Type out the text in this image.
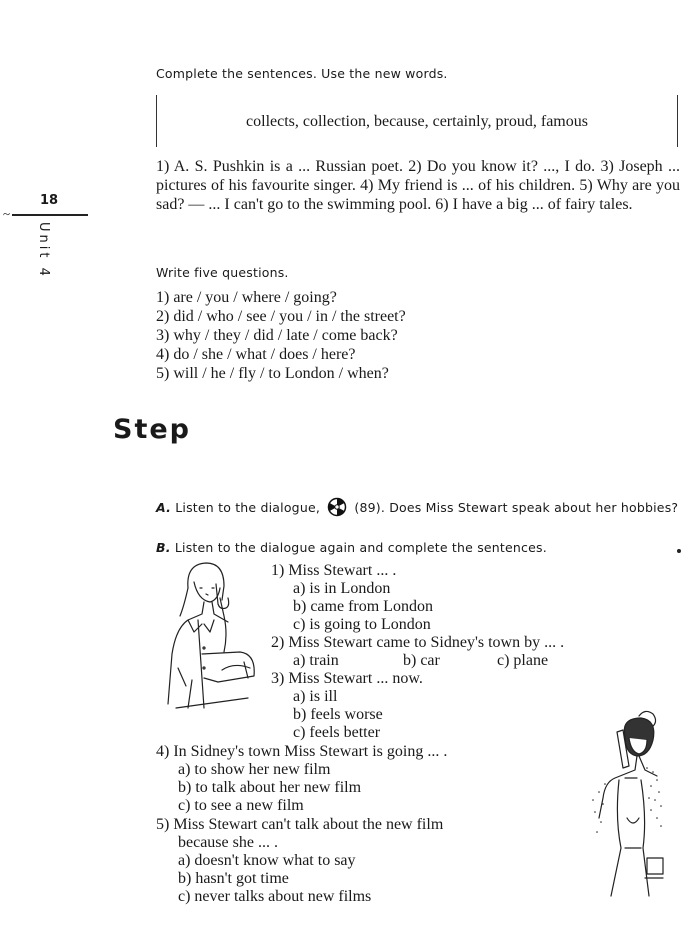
Complete the sentences. Use the new words.
collects, collection, because, certainly, proud, famous
1) A. S. Pushkin is a ... Russian poet. 2) Do you know it? ..., I do. 3) Joseph ... pictures of his favourite singer. 4) My friend is ... of his children. 5) Why are you sad? — ... I can't go to the swimming pool. 6) I have a big ... of fairy tales.
18
~
Unit 4	Write five questions.
1) are / you / where / going?
2) did / who / see / you / in / the street?
3) why / they / did / late / come back?
4) do / she / what / does / here?
5) will / he / fly / to London / when?
Step
A. Listen to the dialogue,	(89). Does Miss Stewart speak about her hobbies?
B. Listen to the dialogue again and complete the sentences.
1) Miss Stewart ... .
a) is in London
b) came from London
c) is going to London
2) Miss Stewart came to Sidney's town by ... .
a) train	b) car	c) plane
3) Miss Stewart ... now.
a) is ill
b) feels worse
c) feels better
4) In Sidney's town Miss Stewart is going ... .
a) to show her new film
b) to talk about her new film
c) to see a new film
5) Miss Stewart can't talk about the new film
because she ... .
a) doesn't know what to say
b) hasn't got time
c) never talks about new films
